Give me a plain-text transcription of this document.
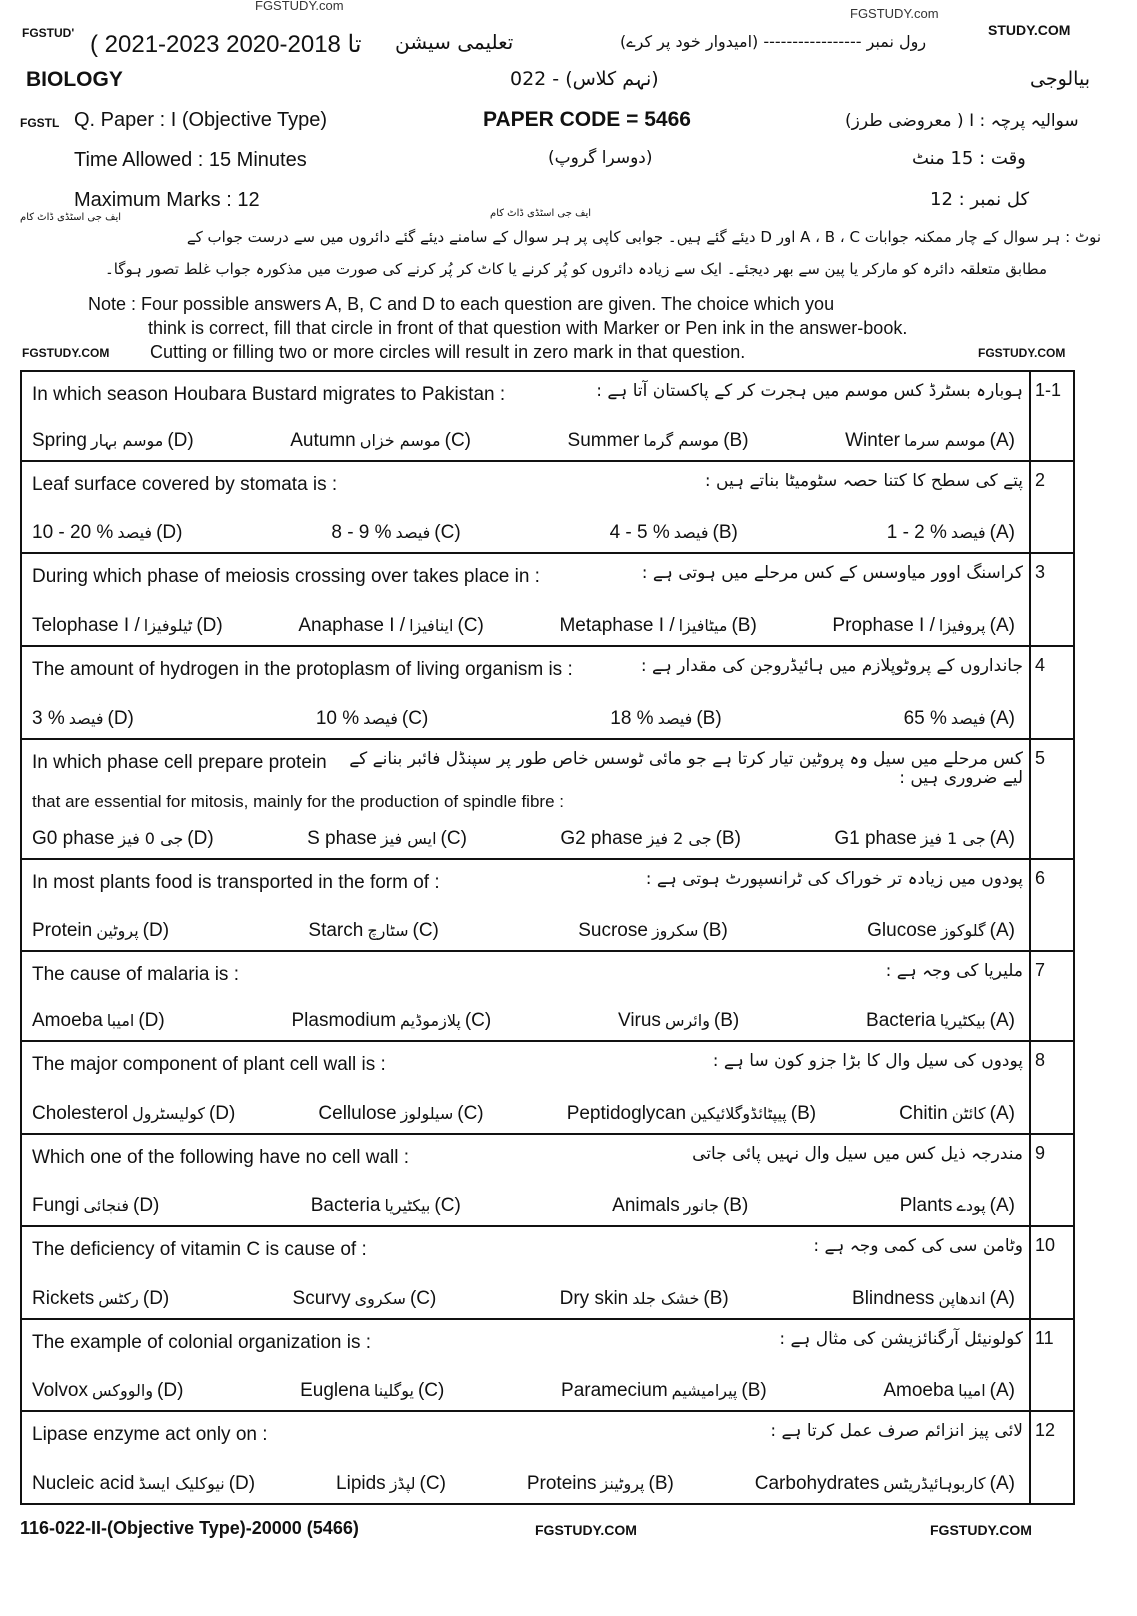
FGSTUDY.com
FGSTUDY.com
FGSTUD'	STUDY.COM
( 2021-2023 تا 2018-2020 تعلیمی سیشن	رول نمبر ----------------- (امیدوار خود پر کرے)
BIOLOGY	(نہم کلاس) - 022	بیالوجی
FGSTL Q. Paper : I (Objective Type)	PAPER CODE = 5466	سوالیہ پرچہ : I ( معروضی طرز)
Time Allowed : 15 Minutes	(دوسرا گروپ)	وقت : 15 منٹ
Maximum Marks : 12	کل نمبر : 12
ایف جی اسٹڈی ڈاٹ کام	ایف جی اسٹڈی ڈاٹ کام
نوٹ : ہر سوال کے چار ممکنہ جوابات A ، B ، C اور D دیئے گئے ہیں۔ جوابی کاپی پر ہر سوال کے سامنے دیئے گئے دائروں میں سے درست جواب کے
مطابق متعلقہ دائرہ کو مارکر یا پین سے بھر دیجئے۔ ایک سے زیادہ دائروں کو پُر کرنے یا کاٹ کر پُر کرنے کی صورت میں مذکورہ جواب غلط تصور ہوگا۔
Note : Four possible answers A, B, C and D to each question are given. The choice which you
think is correct, fill that circle in front of that question with Marker or Pen ink in the answer-book.
FGSTUDY.COM Cutting or filling two or more circles will result in zero mark in that question.	FGSTUDY.COM
1-1
In which season Houbara Bustard migrates to Pakistan :	ہوبارہ بسٹرڈ کس موسم میں ہجرت کر کے پاکستان آتا ہے :
Spring موسم بہار (D)	Autumn موسم خزاں (C)	Summer موسم گرما (B)	Winter موسم سرما (A)
2
Leaf surface covered by stomata is :	پتے کی سطح کا کتنا حصہ سٹومیٹا بناتے ہیں :
10 - 20 % فیصد (D)	8 - 9 % فیصد (C)	4 - 5 % فیصد (B)	1 - 2 % فیصد (A)
3
During which phase of meiosis crossing over takes place in :	کراسنگ اوور میاوسس کے کس مرحلے میں ہوتی ہے :
Telophase I / ٹیلوفیزا (D)	Anaphase I / اینافیزا (C)	Metaphase I / میٹافیزا (B)	Prophase I / پروفیزا (A)
4
The amount of hydrogen in the protoplasm of living organism is :	جانداروں کے پروٹوپلازم میں ہائیڈروجن کی مقدار ہے :
3 % فیصد (D)	10 % فیصد (C)	18 % فیصد (B)	65 % فیصد (A)
5
In which phase cell prepare protein	کس مرحلے میں سیل وہ پروٹین تیار کرتا ہے جو مائی ٹوسس خاص طور پر سپنڈل فائبر بنانے کے لیے ضروری ہیں :
that are essential for mitosis, mainly for the production of spindle fibre :
G0 phase جی 0 فیز (D)	S phase ایس فیز (C)	G2 phase جی 2 فیز (B)	G1 phase جی 1 فیز (A)
6
In most plants food is transported in the form of :	پودوں میں زیادہ تر خوراک کی ٹرانسپورٹ ہوتی ہے :
Protein پروٹین (D)	Starch سٹارچ (C)	Sucrose سکروز (B)	Glucose گلوکوز (A)
7
The cause of malaria is :	ملیریا کی وجہ ہے :
Amoeba امیبا (D)	Plasmodium پلازموڈیم (C)	Virus وائرس (B)	Bacteria بیکٹیریا (A)
8
The major component of plant cell wall is :	پودوں کی سیل وال کا بڑا جزو کون سا ہے :
Cholesterol کولیسٹرول (D)	Cellulose سیلولوز (C)	Peptidoglycan پیپٹائڈوگلائیکین (B)	Chitin کائٹن (A)
9
Which one of the following have no cell wall :	مندرجہ ذیل کس میں سیل وال نہیں پائی جاتی
Fungi فنجائی (D)	Bacteria بیکٹیریا (C)	Animals جانور (B)	Plants پودے (A)
10
The deficiency of vitamin C is cause of :	وٹامن سی کی کمی وجہ ہے :
Rickets رکٹس (D)	Scurvy سکروی (C)	Dry skin خشک جلد (B)	Blindness اندھاپن (A)
11
The example of colonial organization is :	کولونیئل آرگنائزیشن کی مثال ہے :
Volvox والووکس (D)	Euglena یوگلینا (C)	Paramecium پیرامیشیم (B)	Amoeba امیبا (A)
12
Lipase enzyme act only on :	لائی پیز انزائم صرف عمل کرتا ہے :
Nucleic acid نیوکلیک ایسڈ (D)	Lipids لپڈز (C)	Proteins پروٹینز (B)	Carbohydrates کاربوہائیڈریٹس (A)
116-022-II-(Objective Type)-20000 (5466)	FGSTUDY.COM	FGSTUDY.COM
